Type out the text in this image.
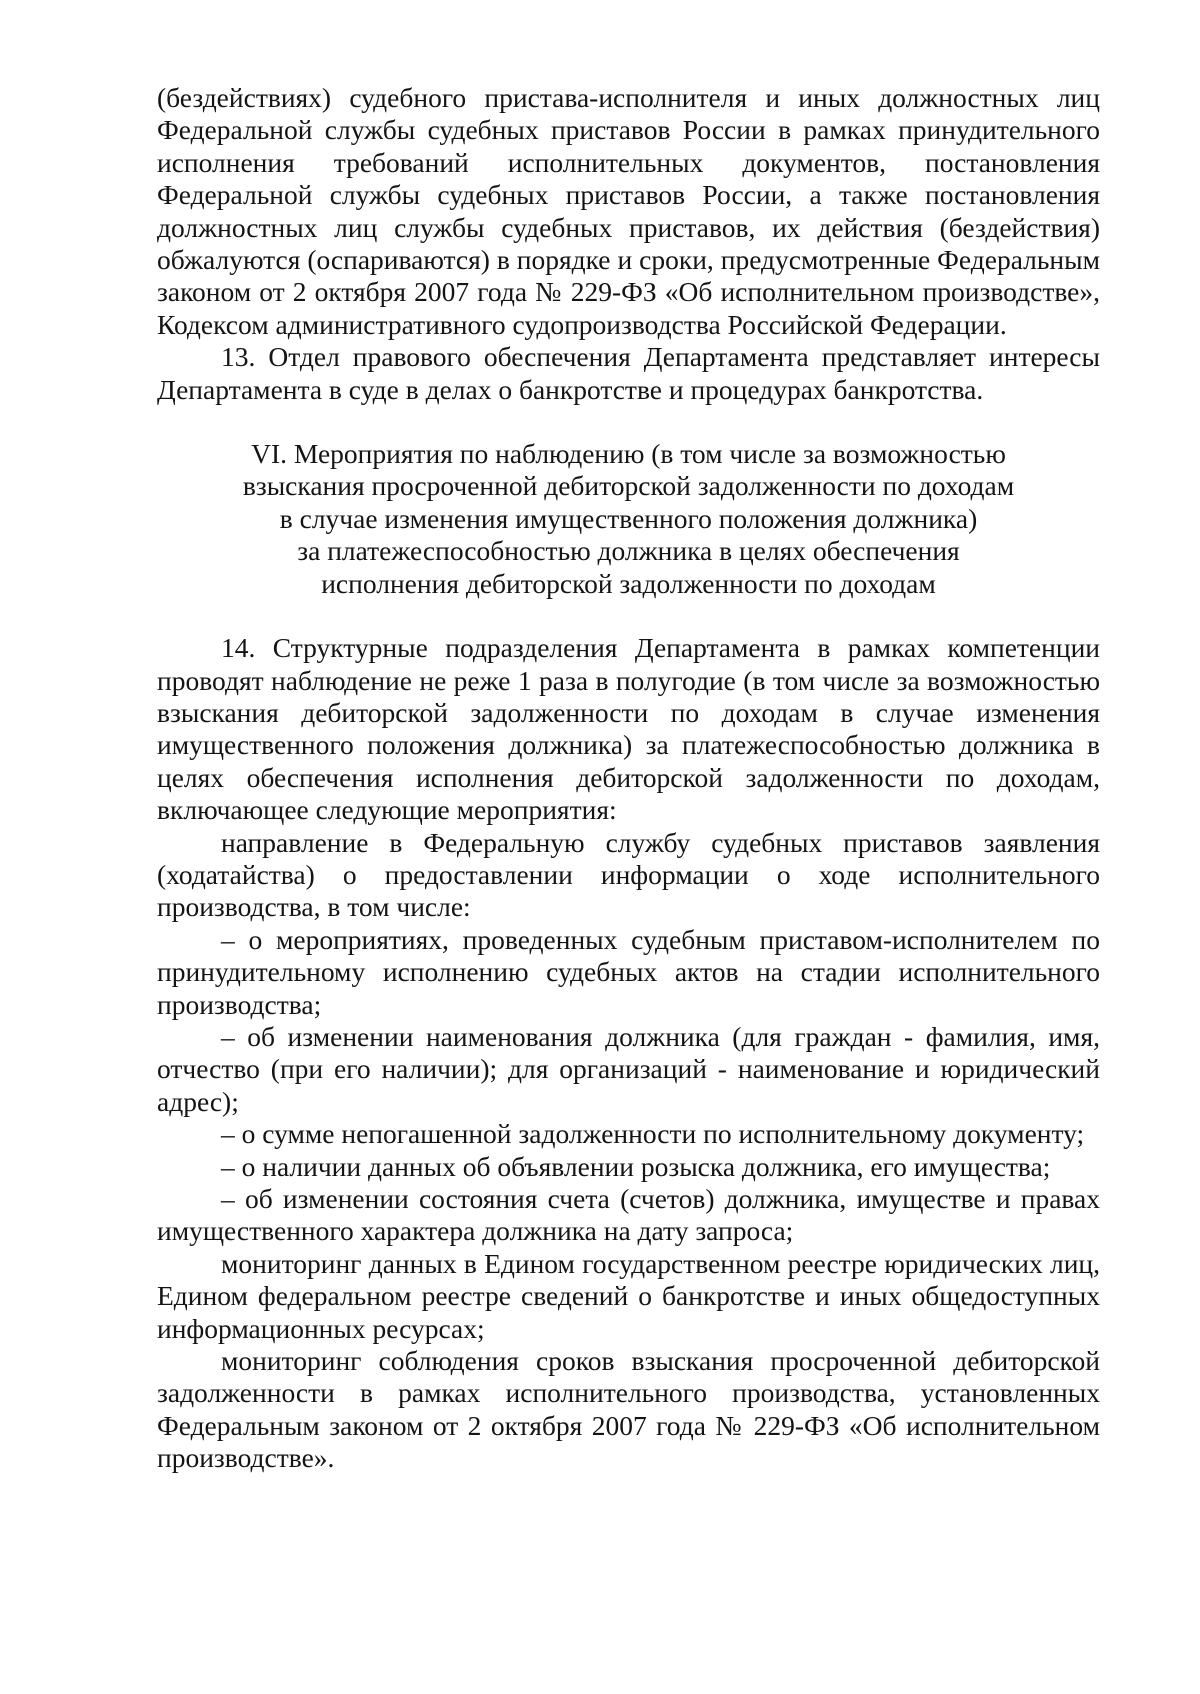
(бездействиях) судебного пристава-исполнителя и иных должностных лиц Федеральной службы судебных приставов России в рамках принудительного исполнения требований исполнительных документов, постановления Федеральной службы судебных приставов России, а также постановления должностных лиц службы судебных приставов, их действия (бездействия) обжалуются (оспариваются) в порядке и сроки, предусмотренные Федеральным законом от 2 октября 2007 года № 229-ФЗ «Об исполнительном производстве», Кодексом административного судопроизводства Российской Федерации.

13. Отдел правового обеспечения Департамента представляет интересы Департамента в суде в делах о банкротстве и процедурах банкротства.

VI. Мероприятия по наблюдению (в том числе за возможностью
взыскания просроченной дебиторской задолженности по доходам
в случае изменения имущественного положения должника)
за платежеспособностью должника в целях обеспечения
исполнения дебиторской задолженности по доходам

14. Структурные подразделения Департамента в рамках компетенции проводят наблюдение не реже 1 раза в полугодие (в том числе за возможностью взыскания дебиторской задолженности по доходам в случае изменения имущественного положения должника) за платежеспособностью должника в целях обеспечения исполнения дебиторской задолженности по доходам, включающее следующие мероприятия:

направление в Федеральную службу судебных приставов заявления (ходатайства) о предоставлении информации о ходе исполнительного производства, в том числе:

– о мероприятиях, проведенных судебным приставом-исполнителем по принудительному исполнению судебных актов на стадии исполнительного производства;

– об изменении наименования должника (для граждан - фамилия, имя, отчество (при его наличии); для организаций - наименование и юридический адрес);

– о сумме непогашенной задолженности по исполнительному документу;

– о наличии данных об объявлении розыска должника, его имущества;

– об изменении состояния счета (счетов) должника, имуществе и правах имущественного характера должника на дату запроса;

мониторинг данных в Едином государственном реестре юридических лиц, Едином федеральном реестре сведений о банкротстве и иных общедоступных информационных ресурсах;

мониторинг соблюдения сроков взыскания просроченной дебиторской задолженности в рамках исполнительного производства, установленных Федеральным законом от 2 октября 2007 года № 229-ФЗ «Об исполнительном производстве».
